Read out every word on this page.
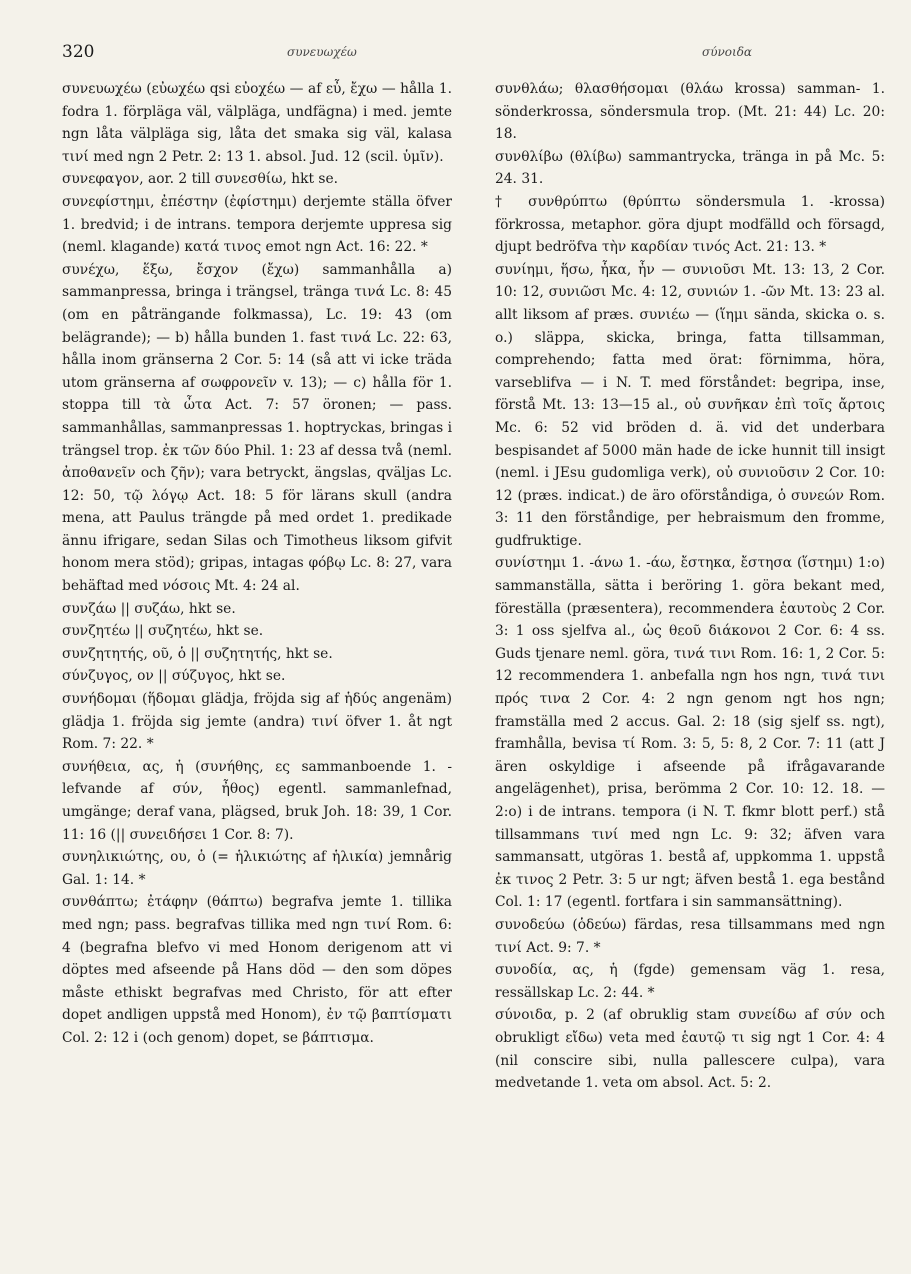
320	συνευωχέω	σύνοιδα

συνευωχέω (εὐωχέω qsi εὐοχέω — af εὖ, ἔχω — hålla 1. fodra 1. förpläga väl, välpläga, undfägna) i med. jemte ngn låta välpläga sig, låta det smaka sig väl, kalasa τινί med ngn 2 Petr. 2: 13 1. absol. Jud. 12 (scil. ὑμῖν).

συνεφαγον, aor. 2 till συνεσθίω, hkt se.

συνεφίστημι, ἐπέστην (ἐφίστημι) derjemte ställa öfver 1. bredvid; i de intrans. tempora derjemte uppresa sig (neml. klagande) κατά τινος emot ngn Act. 16: 22. *

συνέχω, ἕξω, ἔσχον (ἔχω) sammanhålla a) sammanpressa, bringa i trängsel, tränga τινά Lc. 8: 45 (om en påträngande folkmassa), Lc. 19: 43 (om belägrande); — b) hålla bunden 1. fast τινά Lc. 22: 63, hålla inom gränserna 2 Cor. 5: 14 (så att vi icke träda utom gränserna af σωφρονεῖν v. 13); — c) hålla för 1. stoppa till τὰ ὦτα Act. 7: 57 öronen; — pass. sammanhållas, sammanpressas 1. hoptryckas, bringas i trängsel trop. ἐκ τῶν δύο Phil. 1: 23 af dessa två (neml. ἀποθανεῖν och ζῆν); vara betryckt, ängslas, qväljas Lc. 12: 50, τῷ λόγῳ Act. 18: 5 för lärans skull (andra mena, att Paulus trängde på med ordet 1. predikade ännu ifrigare, sedan Silas och Timotheus liksom gifvit honom mera stöd); gripas, intagas φόβῳ Lc. 8: 27, vara behäftad med νόσοις Mt. 4: 24 al.

συνζάω || συζάω, hkt se.

συνζητέω || συζητέω, hkt se.

συνζητητής, οῦ, ὁ || συζητητής, hkt se.

σύνζυγος, ον || σύζυγος, hkt se.

συνήδομαι (ἥδομαι glädja, fröjda sig af ἡδύς angenäm) glädja 1. fröjda sig jemte (andra) τινί öfver 1. åt ngt Rom. 7: 22. *

συνήθεια, ας, ἡ (συνήθης, ες sammanboende 1. -lefvande af σύν, ἦθος) egentl. sammanlefnad, umgänge; deraf vana, plägsed, bruk Joh. 18: 39, 1 Cor. 11: 16 (|| συνειδήσει 1 Cor. 8: 7).

συνηλικιώτης, ου, ὁ (= ἡλικιώτης af ἡλικία) jemnårig Gal. 1: 14. *

συνθάπτω; ἐτάφην (θάπτω) begrafva jemte 1. tillika med ngn; pass. begrafvas tillika med ngn τινί Rom. 6: 4 (begrafna blefvo vi med Honom derigenom att vi döptes med afseende på Hans död — den som döpes måste ethiskt begrafvas med Christo, för att efter dopet andligen uppstå med Honom), ἐν τῷ βαπτίσματι Col. 2: 12 i (och genom) dopet, se βάπτισμα.

συνθλάω; θλασθήσομαι (θλάω krossa) samman- 1. sönderkrossa, söndersmula trop. (Mt. 21: 44) Lc. 20: 18.

συνθλίβω (θλίβω) sammantrycka, tränga in på Mc. 5: 24. 31.

† συνθρύπτω (θρύπτω söndersmula 1. -krossa) förkrossa, metaphor. göra djupt modfälld och försagd, djupt bedröfva τὴν καρδίαν τινός Act. 21: 13. *

συνίημι, ἥσω, ἧκα, ἦν — συνιοῦσι Mt. 13: 13, 2 Cor. 10: 12, συνιῶσι Mc. 4: 12, συνιών 1. -ῶν Mt. 13: 23 al. allt liksom af præs. συνιέω — (ἵημι sända, skicka o. s. o.) släppa, skicka, bringa, fatta tillsamman, comprehendo; fatta med örat: förnimma, höra, varseblifva — i N. T. med förståndet: begripa, inse, förstå Mt. 13: 13—15 al., οὐ συνῆκαν ἐπὶ τοῖς ἄρτοις Mc. 6: 52 vid bröden d. ä. vid det underbara bespisandet af 5000 män hade de icke hunnit till insigt (neml. i JEsu gudomliga verk), οὐ συνιοῦσιν 2 Cor. 10: 12 (præs. indicat.) de äro oförståndiga, ὁ συνεών Rom. 3: 11 den förståndige, per hebraismum den fromme, gudfruktige.

συνίστημι 1. -άνω 1. -άω, ἔστηκα, ἔστησα (ἵστημι) 1:o) sammanställa, sätta i beröring 1. göra bekant med, föreställa (præsentera), recommendera ἑαυτοὺς 2 Cor. 3: 1 oss sjelfva al., ὡς θεοῦ διάκονοι 2 Cor. 6: 4 ss. Guds tjenare neml. göra, τινά τινι Rom. 16: 1, 2 Cor. 5: 12 recommendera 1. anbefalla ngn hos ngn, τινά τινι πρός τινα 2 Cor. 4: 2 ngn genom ngt hos ngn; framställa med 2 accus. Gal. 2: 18 (sig sjelf ss. ngt), framhålla, bevisa τί Rom. 3: 5, 5: 8, 2 Cor. 7: 11 (att J ären oskyldige i afseende på ifrågavarande angelägenhet), prisa, berömma 2 Cor. 10: 12. 18. — 2:o) i de intrans. tempora (i N. T. fkmr blott perf.) stå tillsammans τινί med ngn Lc. 9: 32; äfven vara sammansatt, utgöras 1. bestå af, uppkomma 1. uppstå ἐκ τινος 2 Petr. 3: 5 ur ngt; äfven bestå 1. ega bestånd Col. 1: 17 (egentl. fortfara i sin sammansättning).

συνοδεύω (ὁδεύω) färdas, resa tillsammans med ngn τινί Act. 9: 7. *

συνοδία, ας, ἡ (fgde) gemensam väg 1. resa, ressällskap Lc. 2: 44. *

σύνοιδα, p. 2 (af obruklig stam συνείδω af σύν och obrukligt εἴδω) veta med ἑαυτῷ τι sig ngt 1 Cor. 4: 4 (nil conscire sibi, nulla pallescere culpa), vara medvetande 1. veta om absol. Act. 5: 2.
